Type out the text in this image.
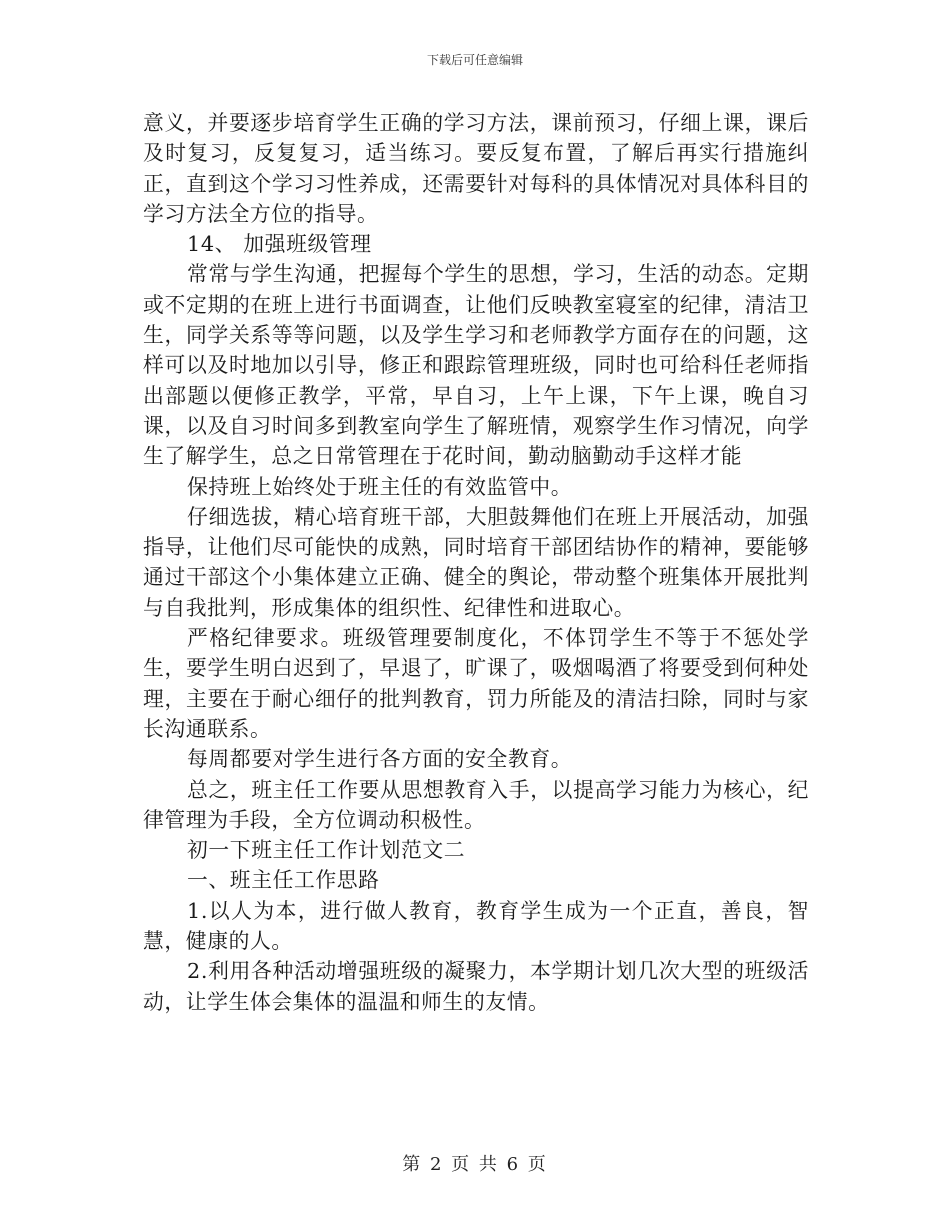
下载后可任意编辑

意义，并要逐步培育学生正确的学习方法，课前预习，仔细上课，课后及时复习，反复复习，适当练习。要反复布置，了解后再实行措施纠正，直到这个学习习性养成，还需要针对每科的具体情况对具体科目的学习方法全方位的指导。

14、 加强班级管理

常常与学生沟通，把握每个学生的思想，学习，生活的动态。定期或不定期的在班上进行书面调查，让他们反映教室寝室的纪律，清洁卫生，同学关系等等问题，以及学生学习和老师教学方面存在的问题，这样可以及时地加以引导，修正和跟踪管理班级，同时也可给科任老师指出部题以便修正教学，平常，早自习，上午上课，下午上课，晚自习课，以及自习时间多到教室向学生了解班情，观察学生作习情况，向学生了解学生，总之日常管理在于花时间，勤动脑勤动手这样才能

保持班上始终处于班主任的有效监管中。

仔细选拔，精心培育班干部，大胆鼓舞他们在班上开展活动，加强指导，让他们尽可能快的成熟，同时培育干部团结协作的精神，要能够通过干部这个小集体建立正确、健全的舆论，带动整个班集体开展批判与自我批判，形成集体的组织性、纪律性和进取心。

严格纪律要求。班级管理要制度化，不体罚学生不等于不惩处学生，要学生明白迟到了，早退了，旷课了，吸烟喝酒了将要受到何种处理，主要在于耐心细仔的批判教育，罚力所能及的清洁扫除，同时与家长沟通联系。

每周都要对学生进行各方面的安全教育。

总之，班主任工作要从思想教育入手，以提高学习能力为核心，纪律管理为手段，全方位调动积极性。

初一下班主任工作计划范文二

一、班主任工作思路

1.以人为本，进行做人教育，教育学生成为一个正直，善良，智慧，健康的人。

2.利用各种活动增强班级的凝聚力，本学期计划几次大型的班级活动，让学生体会集体的温温和师生的友情。

第 2 页 共 6 页
